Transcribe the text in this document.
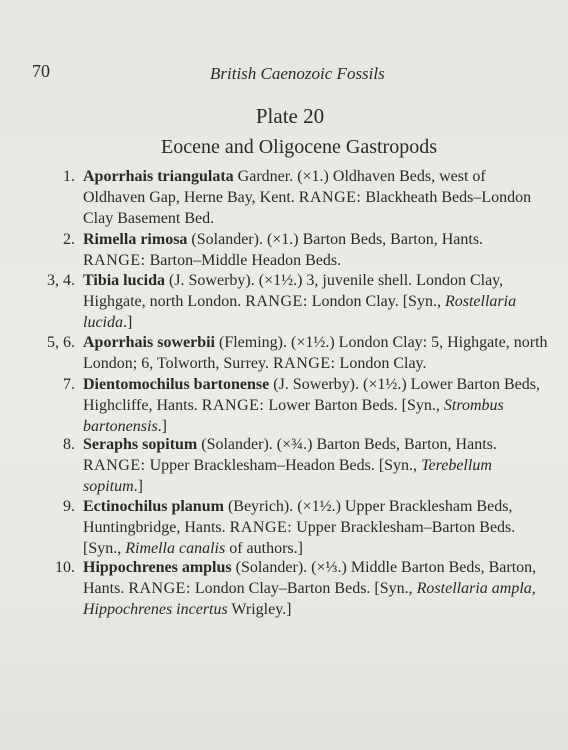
70	British Caenozoic Fossils
Plate 20
Eocene and Oligocene Gastropods
1. Aporrhais triangulata Gardner. (×1.) Oldhaven Beds, west of Oldhaven Gap, Herne Bay, Kent. RANGE: Blackheath Beds–London Clay Basement Bed.
2. Rimella rimosa (Solander). (×1.) Barton Beds, Barton, Hants. RANGE: Barton–Middle Headon Beds.
3, 4. Tibia lucida (J. Sowerby). (×1½.) 3, juvenile shell. London Clay, Highgate, north London. RANGE: London Clay. [Syn., Rostellaria lucida.]
5, 6. Aporrhais sowerbii (Fleming). (×1½.) London Clay: 5, Highgate, north London; 6, Tolworth, Surrey. RANGE: London Clay.
7. Dientomochilus bartonense (J. Sowerby). (×1½.) Lower Barton Beds, Highcliffe, Hants. RANGE: Lower Barton Beds. [Syn., Strombus bartonensis.]
8. Seraphs sopitum (Solander). (×¾.) Barton Beds, Barton, Hants. RANGE: Upper Bracklesham–Headon Beds. [Syn., Terebellum sopitum.]
9. Ectinochilus planum (Beyrich). (×1½.) Upper Bracklesham Beds, Huntingbridge, Hants. RANGE: Upper Bracklesham–Barton Beds. [Syn., Rimella canalis of authors.]
10. Hippochrenes amplus (Solander). (×⅓.) Middle Barton Beds, Barton, Hants. RANGE: London Clay–Barton Beds. [Syn., Rostellaria ampla, Hippochrenes incertus Wrigley.]
